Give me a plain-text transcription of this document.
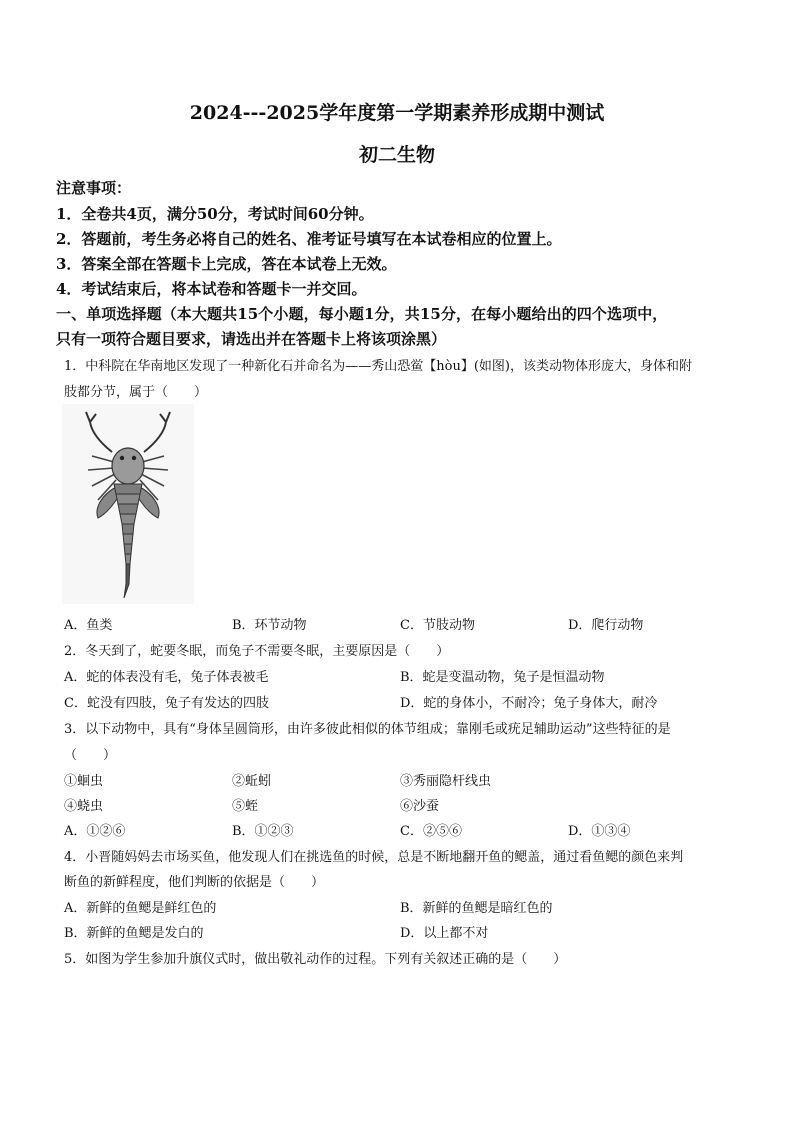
2024---2025学年度第一学期素养形成期中测试
初二生物
注意事项：
1．全卷共4页，满分50分，考试时间60分钟。
2．答题前，考生务必将自己的姓名、准考证号填写在本试卷相应的位置上。
3．答案全部在答题卡上完成，答在本试卷上无效。
4．考试结束后，将本试卷和答题卡一并交回。
一、单项选择题（本大题共15个小题，每小题1分，共15分，在每小题给出的四个选项中，
只有一项符合题目要求，请选出并在答题卡上将该项涂黑）
1．中科院在华南地区发现了一种新化石并命名为——秀山恐鲎【hòu】(如图)，该类动物体形庞大，身体和附
肢都分节，属于（　　）
A．鱼类	B．环节动物	C．节肢动物	D．爬行动物
2．冬天到了，蛇要冬眠，而兔子不需要冬眠，主要原因是（　　）
A．蛇的体表没有毛，兔子体表被毛	B．蛇是变温动物，兔子是恒温动物
C．蛇没有四肢，兔子有发达的四肢	D．蛇的身体小，不耐冷；兔子身体大，耐冷
3．以下动物中，具有“身体呈圆筒形，由许多彼此相似的体节组成；靠刚毛或疣足辅助运动”这些特征的是
（　　）
①蛔虫	②蚯蚓	③秀丽隐杆线虫
④蛲虫	⑤蛭	⑥沙蚕
A．①②⑥	B．①②③	C．②⑤⑥	D．①③④
4．小晋随妈妈去市场买鱼，他发现人们在挑选鱼的时候，总是不断地翻开鱼的鳃盖，通过看鱼鳃的颜色来判
断鱼的新鲜程度，他们判断的依据是（　　）
A．新鲜的鱼鳃是鲜红色的	B．新鲜的鱼鳃是暗红色的
B．新鲜的鱼鳃是发白的	D．以上都不对
5．如图为学生参加升旗仪式时，做出敬礼动作的过程。下列有关叙述正确的是（　　）
